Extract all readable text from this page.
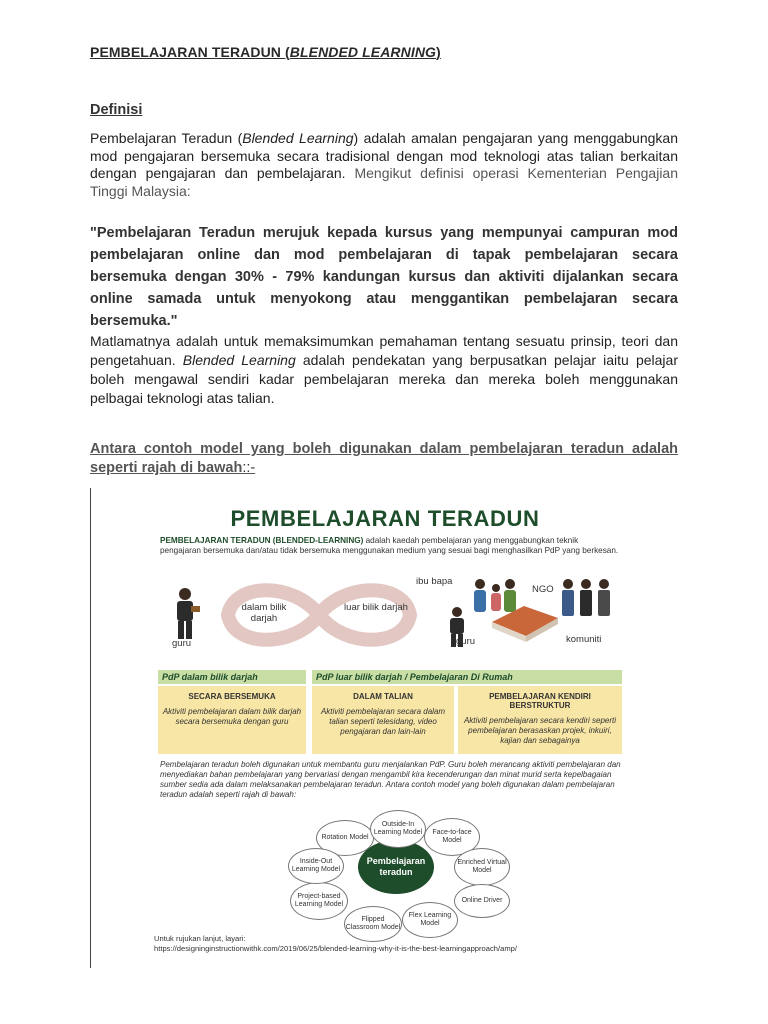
PEMBELAJARAN TERADUN (BLENDED LEARNING)
Definisi
Pembelajaran Teradun (Blended Learning) adalah amalan pengajaran yang menggabungkan mod pengajaran bersemuka secara tradisional dengan mod teknologi atas talian berkaitan dengan pengajaran dan pembelajaran. Mengikut definisi operasi Kementerian Pengajian Tinggi Malaysia:
"Pembelajaran Teradun merujuk kepada kursus yang mempunyai campuran mod pembelajaran online dan mod pembelajaran di tapak pembelajaran secara bersemuka dengan 30% - 79% kandungan kursus dan aktiviti dijalankan secara online samada untuk menyokong atau menggantikan pembelajaran secara bersemuka."
Matlamatnya adalah untuk memaksimumkan pemahaman tentang sesuatu prinsip, teori dan pengetahuan. Blended Learning adalah pendekatan yang berpusatkan pelajar iaitu pelajar boleh mengawal sendiri kadar pembelajaran mereka dan mereka boleh menggunakan pelbagai teknologi atas talian.
Antara contoh model yang boleh digunakan dalam pembelajaran teradun adalah seperti rajah di bawah::-
PEMBELAJARAN TERADUN
PEMBELAJARAN TERADUN (BLENDED-LEARNING) adalah kaedah pembelajaran yang menggabungkan teknik pengajaran bersemuka dan/atau tidak bersemuka menggunakan medium yang sesuai bagi menghasilkan PdP yang berkesan.
guru
dalam bilik darjah
luar bilik darjah
ibu bapa
NGO
guru	komuniti
PdP dalam bilik darjah	PdP luar bilik darjah / Pembelajaran Di Rumah
SECARA BERSEMUKA
Aktiviti pembelajaran dalam bilik darjah secara bersemuka dengan guru
DALAM TALIAN
Aktiviti pembelajaran secara dalam talian seperti telesidang, video pengajaran dan lain-lain
PEMBELAJARAN KENDIRI BERSTRUKTUR
Aktiviti pembelajaran secara kendiri seperti pembelajaran berasaskan projek, inkuiri, kajian dan sebagainya
Pembelajaran teradun boleh digunakan untuk membantu guru menjalankan PdP. Guru boleh merancang aktiviti pembelajaran dan menyediakan bahan pembelajaran yang bervariasi dengan mengambil kira kecenderungan dan minat murid serta kepelbagaian sumber sedia ada dalam melaksanakan pembelajaran teradun. Antara contoh model yang boleh digunakan dalam pembelajaran teradun adalah seperti rajah di bawah:
Pembelajaran teradun
Rotation Model
Outside-In Learning Model	Face-to-face Model
Enriched Virtual Model
Online Driver
Flex Learning Model
Flipped Classroom Model
Project-based Learning Model
Inside-Out Learning Model
Untuk rujukan lanjut, layari:
https://designinginstructionwithk.com/2019/06/25/blended-learning-why-it-is-the-best-learningapproach/amp/
